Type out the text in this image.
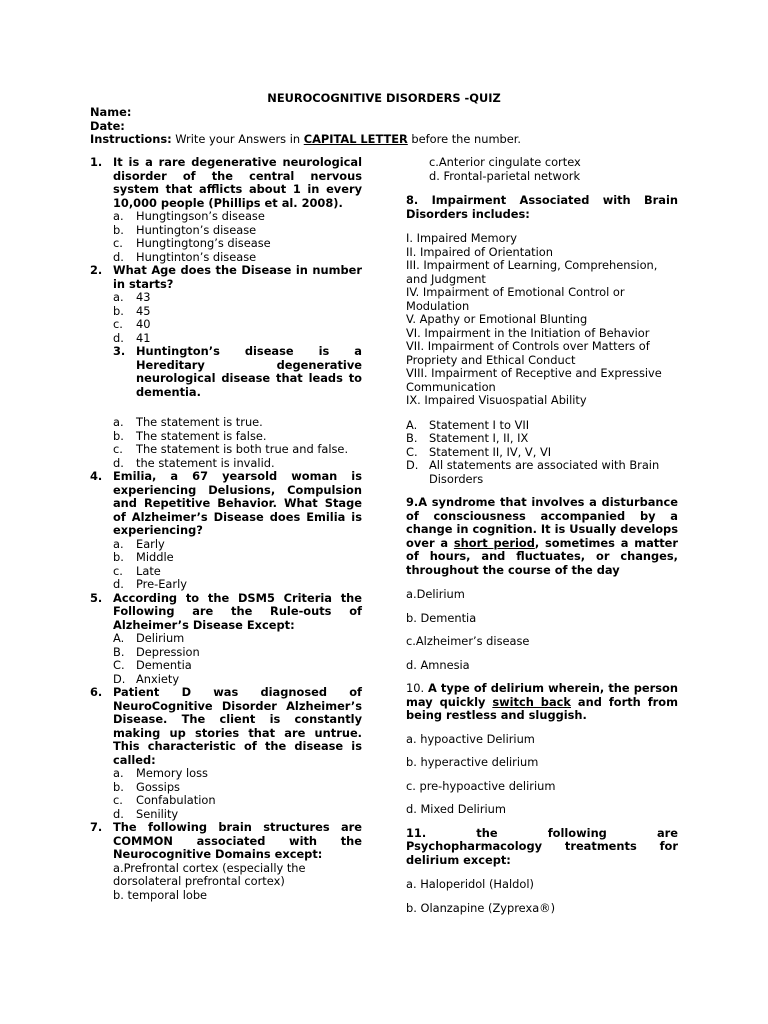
NEUROCOGNITIVE DISORDERS -QUIZ
Name:
Date:
Instructions: Write your Answers in CAPITAL LETTER before the number.
1. It is a rare degenerative neurological disorder of the central nervous system that afflicts about 1 in every 10,000 people (Phillips et al. 2008).
a. Hungtingson’s disease
b. Huntington’s disease
c. Hungtingtong’s disease
d. Hungtinton’s disease
2. What Age does the Disease in number in starts?
a. 43
b. 45
c. 40
d. 41
3. Huntington’s disease is a Hereditary degenerative neurological disease that leads to dementia.
a. The statement is true.
b. The statement is false.
c. The statement is both true and false.
d. the statement is invalid.
4. Emilia, a 67 yearsold woman is experiencing Delusions, Compulsion and Repetitive Behavior. What Stage of Alzheimer’s Disease does Emilia is experiencing?
a. Early
b. Middle
c. Late
d. Pre-Early
5. According to the DSM5 Criteria the Following are the Rule-outs of Alzheimer’s Disease Except:
A. Delirium
B. Depression
C. Dementia
D. Anxiety
6. Patient D was diagnosed of NeuroCognitive Disorder Alzheimer’s Disease. The client is constantly making up stories that are untrue. This characteristic of the disease is called:
a. Memory loss
b. Gossips
c. Confabulation
d. Senility
7. The following brain structures are COMMON associated with the Neurocognitive Domains except:
a.Prefrontal cortex (especially the dorsolateral prefrontal cortex)
b. temporal lobe
c.Anterior cingulate cortex
d. Frontal-parietal network
8. Impairment Associated with Brain Disorders includes:
I. Impaired Memory
II. Impaired of Orientation
III. Impairment of Learning, Comprehension, and Judgment
IV. Impairment of Emotional Control or Modulation
V. Apathy or Emotional Blunting
VI. Impairment in the Initiation of Behavior
VII. Impairment of Controls over Matters of Propriety and Ethical Conduct
VIII. Impairment of Receptive and Expressive Communication
IX. Impaired Visuospatial Ability
A. Statement I to VII
B. Statement I, II, IX
C. Statement II, IV, V, VI
D. All statements are associated with Brain Disorders
9.A syndrome that involves a disturbance of consciousness accompanied by a change in cognition. It is Usually develops over a short period, sometimes a matter of hours, and fluctuates, or changes, throughout the course of the day
a.Delirium
b. Dementia
c.Alzheimer’s disease
d. Amnesia
10. A type of delirium wherein, the person may quickly switch back and forth from being restless and sluggish.
a. hypoactive Delirium
b. hyperactive delirium
c. pre-hypoactive delirium
d. Mixed Delirium
11. the following are Psychopharmacology treatments for delirium except:
a. Haloperidol (Haldol)
b. Olanzapine (Zyprexa®)
